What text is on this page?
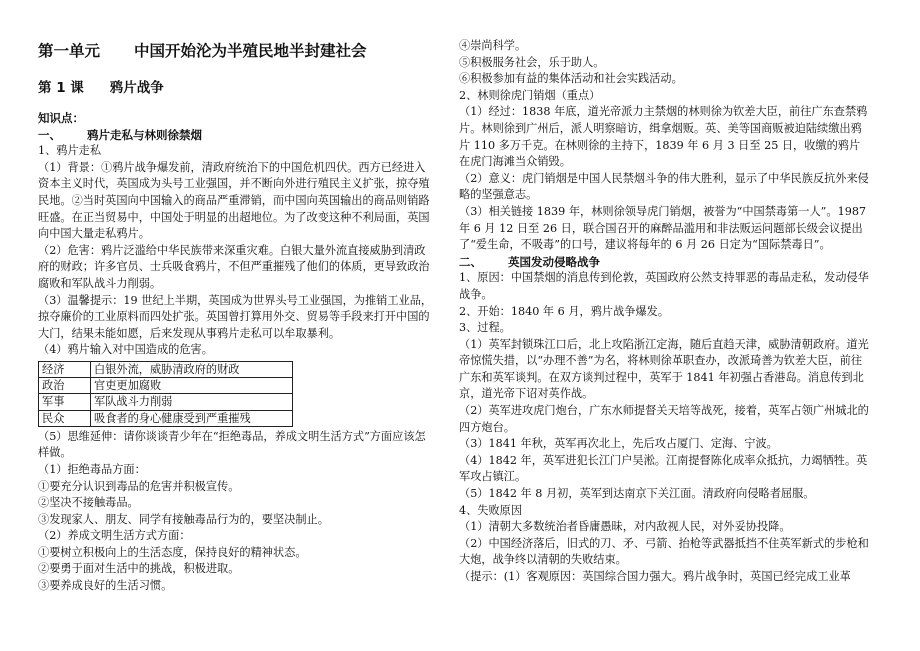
第一单元 中国开始沦为半殖民地半封建社会

第 1 课 鸦片战争

知识点：

一、 鸦片走私与林则徐禁烟

1、鸦片走私

（1）背景：①鸦片战争爆发前，清政府统治下的中国危机四伏。西方已经进入资本主义时代，英国成为头号工业强国，并不断向外进行殖民主义扩张，掠夺殖民地。②当时英国向中国输入的商品严重滞销，而中国向英国输出的商品则销路旺盛。在正当贸易中，中国处于明显的出超地位。为了改变这种不利局面，英国向中国大量走私鸦片。

（2）危害：鸦片泛滥给中华民族带来深重灾难。白银大量外流直接威胁到清政府的财政；许多官员、士兵吸食鸦片，不但严重摧残了他们的体质，更导致政治腐败和军队战斗力削弱。

（3）温馨提示：19 世纪上半期，英国成为世界头号工业强国，为推销工业品，掠夺廉价的工业原料而四处扩张。英国曾打算用外交、贸易等手段来打开中国的大门，结果未能如愿，后来发现从事鸦片走私可以牟取暴利。

（4）鸦片输入对中国造成的危害。

经济	白银外流，威胁清政府的财政
政治	官吏更加腐败
军事	军队战斗力削弱
民众	吸食者的身心健康受到严重摧残

（5）思维延伸：请你谈谈青少年在“拒绝毒品，养成文明生活方式”方面应该怎样做。

（1）拒绝毒品方面：

①要充分认识到毒品的危害并积极宣传。

②坚决不接触毒品。

③发现家人、朋友、同学有接触毒品行为的，要坚决制止。

（2）养成文明生活方式方面：

①要树立积极向上的生活态度，保持良好的精神状态。

②要勇于面对生活中的挑战，积极进取。

③要养成良好的生活习惯。

④崇尚科学。

⑤积极服务社会，乐于助人。

⑥积极参加有益的集体活动和社会实践活动。

2、林则徐虎门销烟（重点）

（1）经过：1838 年底，道光帝派力主禁烟的林则徐为钦差大臣，前往广东查禁鸦片。林则徐到广州后，派人明察暗访，缉拿烟贩。英、美等国商贩被迫陆续缴出鸦片 110 多万千克。在林则徐的主持下，1839 年 6 月 3 日至 25 日，收缴的鸦片在虎门海滩当众销毁。

（2）意义：虎门销烟是中国人民禁烟斗争的伟大胜利，显示了中华民族反抗外来侵略的坚强意志。

（3）相关链接 1839 年，林则徐领导虎门销烟，被誉为“中国禁毒第一人”。1987 年 6 月 12 日至 26 日，联合国召开的麻醉品滥用和非法贩运问题部长级会议提出了“爱生命，不吸毒”的口号，建议将每年的 6 月 26 日定为“国际禁毒日”。

二、 英国发动侵略战争

1、原因：中国禁烟的消息传到伦敦，英国政府公然支持罪恶的毒品走私，发动侵华战争。

2、开始：1840 年 6 月，鸦片战争爆发。

3、过程。

（1）英军封锁珠江口后，北上攻陷浙江定海，随后直趋天津，威胁清朝政府。道光帝惊慌失措，以“办理不善”为名，将林则徐革职查办，改派琦善为钦差大臣，前往广东和英军谈判。在双方谈判过程中，英军于 1841 年初强占香港岛。消息传到北京，道光帝下诏对英作战。

（2）英军进攻虎门炮台，广东水师提督关天培等战死，接着，英军占领广州城北的四方炮台。

（3）1841 年秋，英军再次北上，先后攻占厦门、定海、宁波。

（4）1842 年，英军进犯长江门户吴淞。江南提督陈化成率众抵抗，力竭牺牲。英军攻占镇江。

（5）1842 年 8 月初，英军到达南京下关江面。清政府向侵略者屈服。

4、失败原因

（1）清朝大多数统治者昏庸愚昧，对内敌视人民，对外妥协投降。

（2）中国经济落后，旧式的刀、矛、弓箭、抬枪等武器抵挡不住英军新式的步枪和大炮，战争终以清朝的失败结束。

（提示：(1）客观原因：英国综合国力强大。鸦片战争时，英国已经完成工业革
